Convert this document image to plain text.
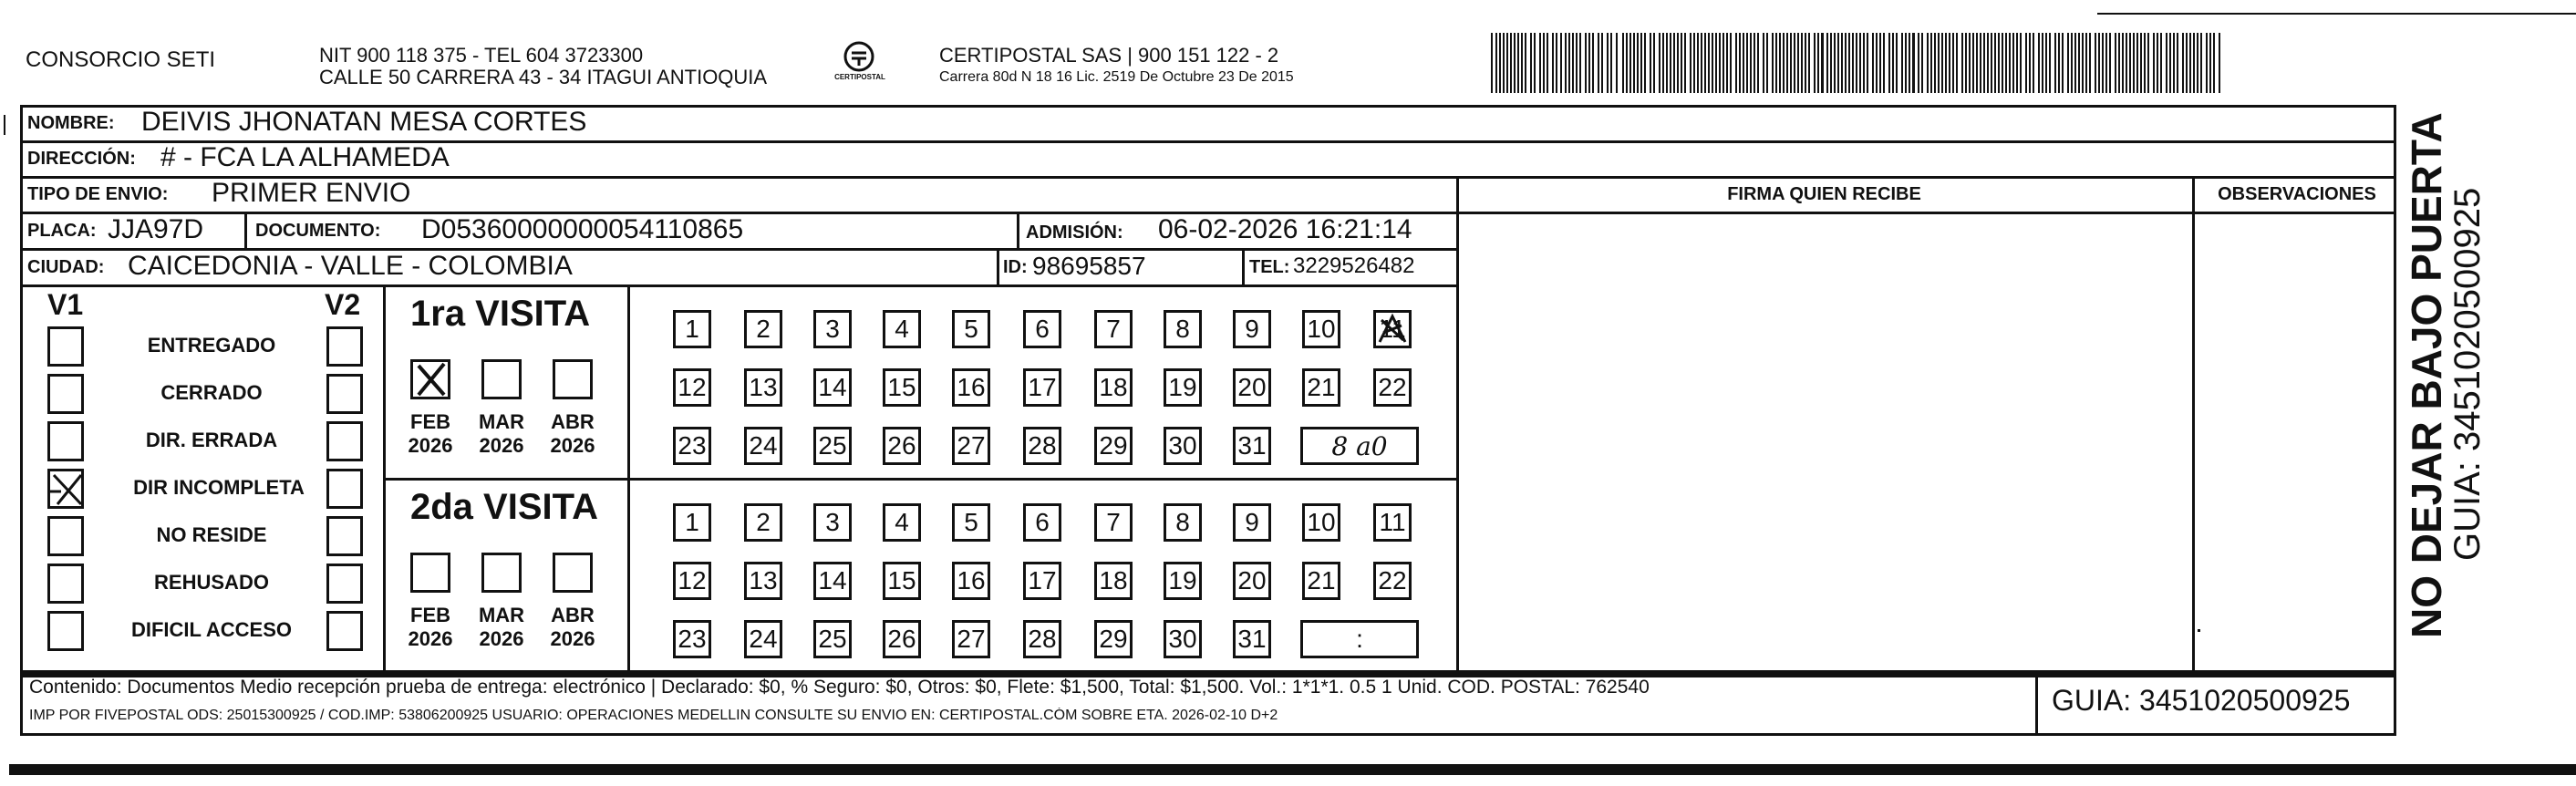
CONSORCIO SETI	NIT 900 118 375 - TEL 604 3723300
CALLE 50 CARRERA 43 - 34 ITAGUI ANTIOQUIA	CERTIPOSTAL
CERTIPOSTAL SAS | 900 151 122 - 2
Carrera 80d N 18 16 Lic. 2519 De Octubre 23 De 2015
NOMBRE: DEIVIS JHONATAN MESA CORTES
DIRECCIÓN: # - FCA LA ALHAMEDA
TIPO DE ENVIO: PRIMER ENVIO
PLACA: JJA97D	DOCUMENTO: D05360000000054110865	ADMISIÓN: 06-02-2026 16:21:14
CIUDAD: CAICEDONIA - VALLE - COLOMBIA	ID: 98695857	TEL: 3229526482
FIRMA QUIEN RECIBE	OBSERVACIONES
V1	V2
ENTREGADO
CERRADO
DIR. ERRADA
DIR INCOMPLETA
NO RESIDE
REHUSADO
DIFICIL ACCESO
1ra VISITA
2da VISITA
FEB
2026
MAR
2026
ABR
2026
FEB
2026
MAR
2026
ABR
2026
1	2	3	4	5	6	7	8	9	10 11
12 13 14 15 16 17 18 19 20 21 22
23 24 25 26 27 28 29 30 31	8 a0
1	2	3	4	5	6	7	8	9	10 11
12 13 14 15 16 17 18 19 20 21 22
23 24 25 26 27 28 29 30 31	:
Contenido: Documentos Medio recepción prueba de entrega: electrónico | Declarado: $0, % Seguro: $0, Otros: $0, Flete: $1,500, Total: $1,500. Vol.: 1*1*1. 0.5 1 Unid. COD. POSTAL: 762540
IMP POR FIVEPOSTAL ODS: 25015300925 / COD.IMP: 53806200925 USUARIO: OPERACIONES MEDELLIN CONSULTE SU ENVIO EN: CERTIPOSTAL.CÓM SOBRE ETA. 2026-02-10 D+2	GUIA: 3451020500925
NO DEJAR BAJO PUERTA
GUIA: 3451020500925
